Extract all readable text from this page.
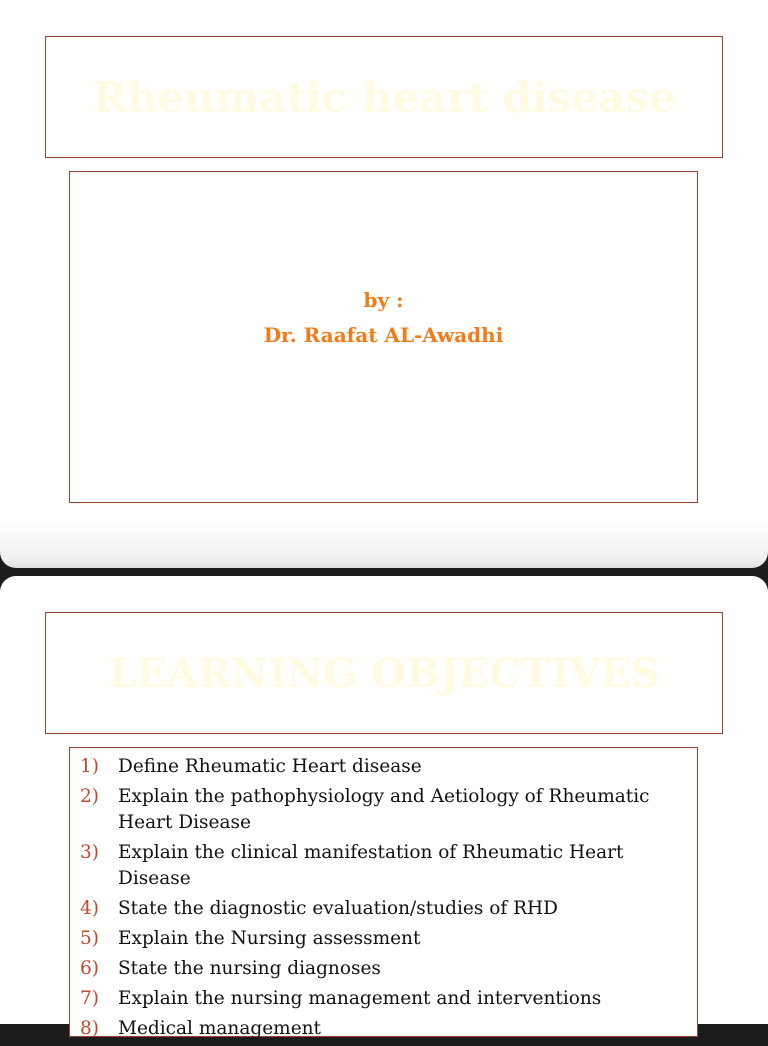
Rheumatic heart disease
by :
Dr. Raafat AL-Awadhi
LEARNING OBJECTIVES
1)	Define Rheumatic Heart disease
2)	Explain the pathophysiology and Aetiology of Rheumatic Heart Disease
3)	Explain the clinical manifestation of Rheumatic Heart Disease
4)	State the diagnostic evaluation/studies of RHD
5)	Explain the Nursing assessment
6)	State the nursing diagnoses
7)	Explain the nursing management and interventions
8)	Medical management
